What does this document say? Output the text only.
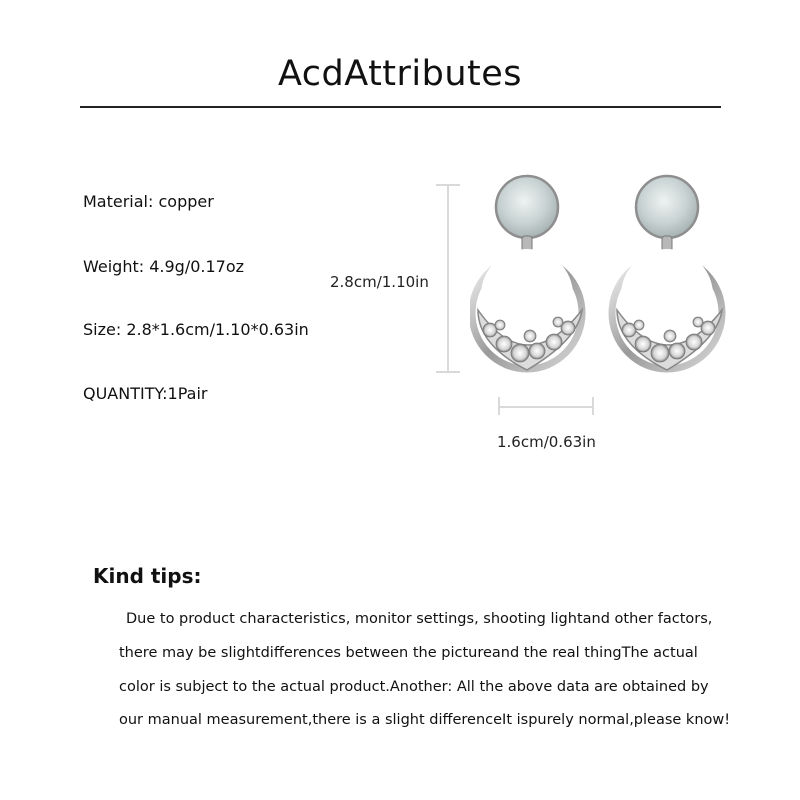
AcdAttributes
Material: copper
Weight: 4.9g/0.17oz
Size: 2.8*1.6cm/1.10*0.63in
QUANTITY:1Pair
2.8cm/1.10in
1.6cm/0.63in
Kind tips:
Due to product characteristics, monitor settings, shooting lightand other factors,
there may be slightdifferences between the pictureand the real thingThe actual
color is subject to the actual product.Another: All the above data are obtained by
our manual measurement,there is a slight differenceIt ispurely normal,please know!
